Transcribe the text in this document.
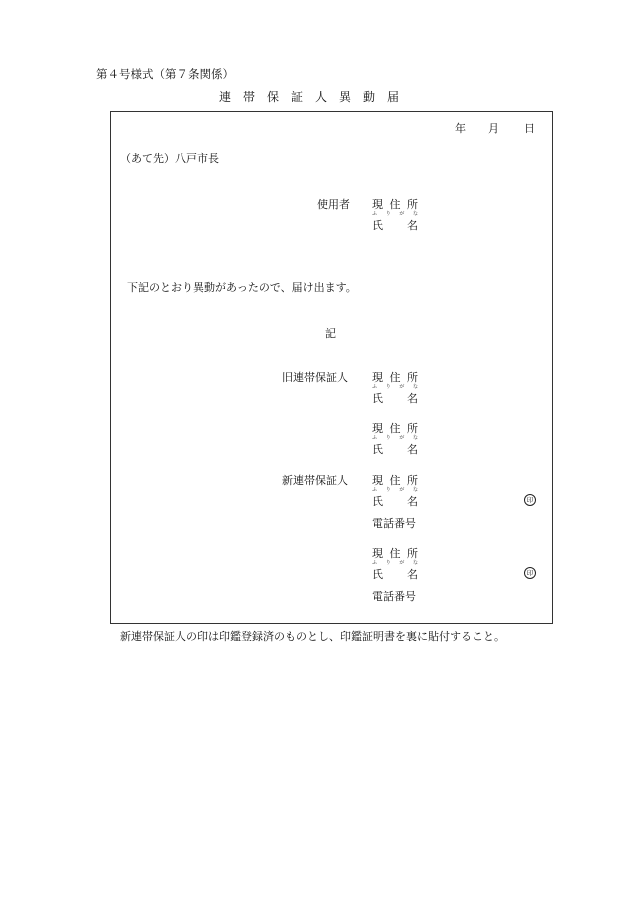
第４号様式（第７条関係）
連帯保証人異動届
年 月 日
（あて先）八戸市長
使用者 現 住 所
ふ り が な
氏 名
下記のとおり異動があったので、届け出ます。
記
旧連帯保証人 現 住 所
ふ り が な
氏 名
現 住 所
ふ り が な
氏 名
新連帯保証人 現 住 所
ふ り が な
氏 名	印
電話番号
現 住 所
ふ り が な
氏 名	印
電話番号
新連帯保証人の印は印鑑登録済のものとし、印鑑証明書を裏に貼付すること。
